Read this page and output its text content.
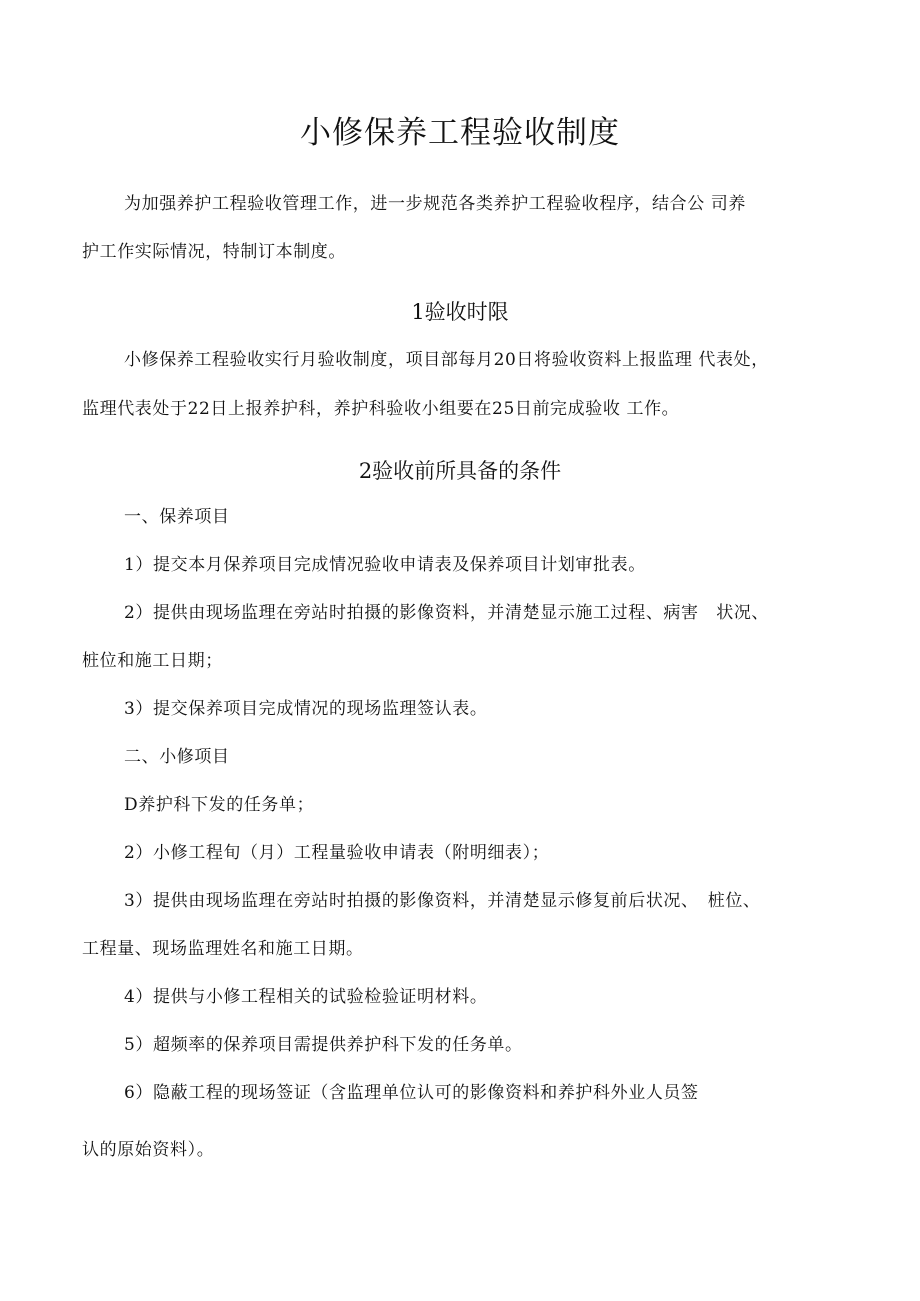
小修保养工程验收制度
为加强养护工程验收管理工作，进一步规范各类养护工程验收程序，结合公 司养
护工作实际情况，特制订本制度。
1验收时限
小修保养工程验收实行月验收制度，项目部每月20日将验收资料上报监理 代表处，
监理代表处于22日上报养护科，养护科验收小组要在25日前完成验收 工作。
2验收前所具备的条件
一、保养项目
1）提交本月保养项目完成情况验收申请表及保养项目计划审批表。
2）提供由现场监理在旁站时拍摄的影像资料，并清楚显示施工过程、病害　状况、
桩位和施工日期；
3）提交保养项目完成情况的现场监理签认表。
二、小修项目
D养护科下发的任务单；
2）小修工程旬（月）工程量验收申请表（附明细表）；
3）提供由现场监理在旁站时拍摄的影像资料，并清楚显示修复前后状况、　桩位、
工程量、现场监理姓名和施工日期。
4）提供与小修工程相关的试验检验证明材料。
5）超频率的保养项目需提供养护科下发的任务单。
6）隐蔽工程的现场签证（含监理单位认可的影像资料和养护科外业人员签
认的原始资料）。
